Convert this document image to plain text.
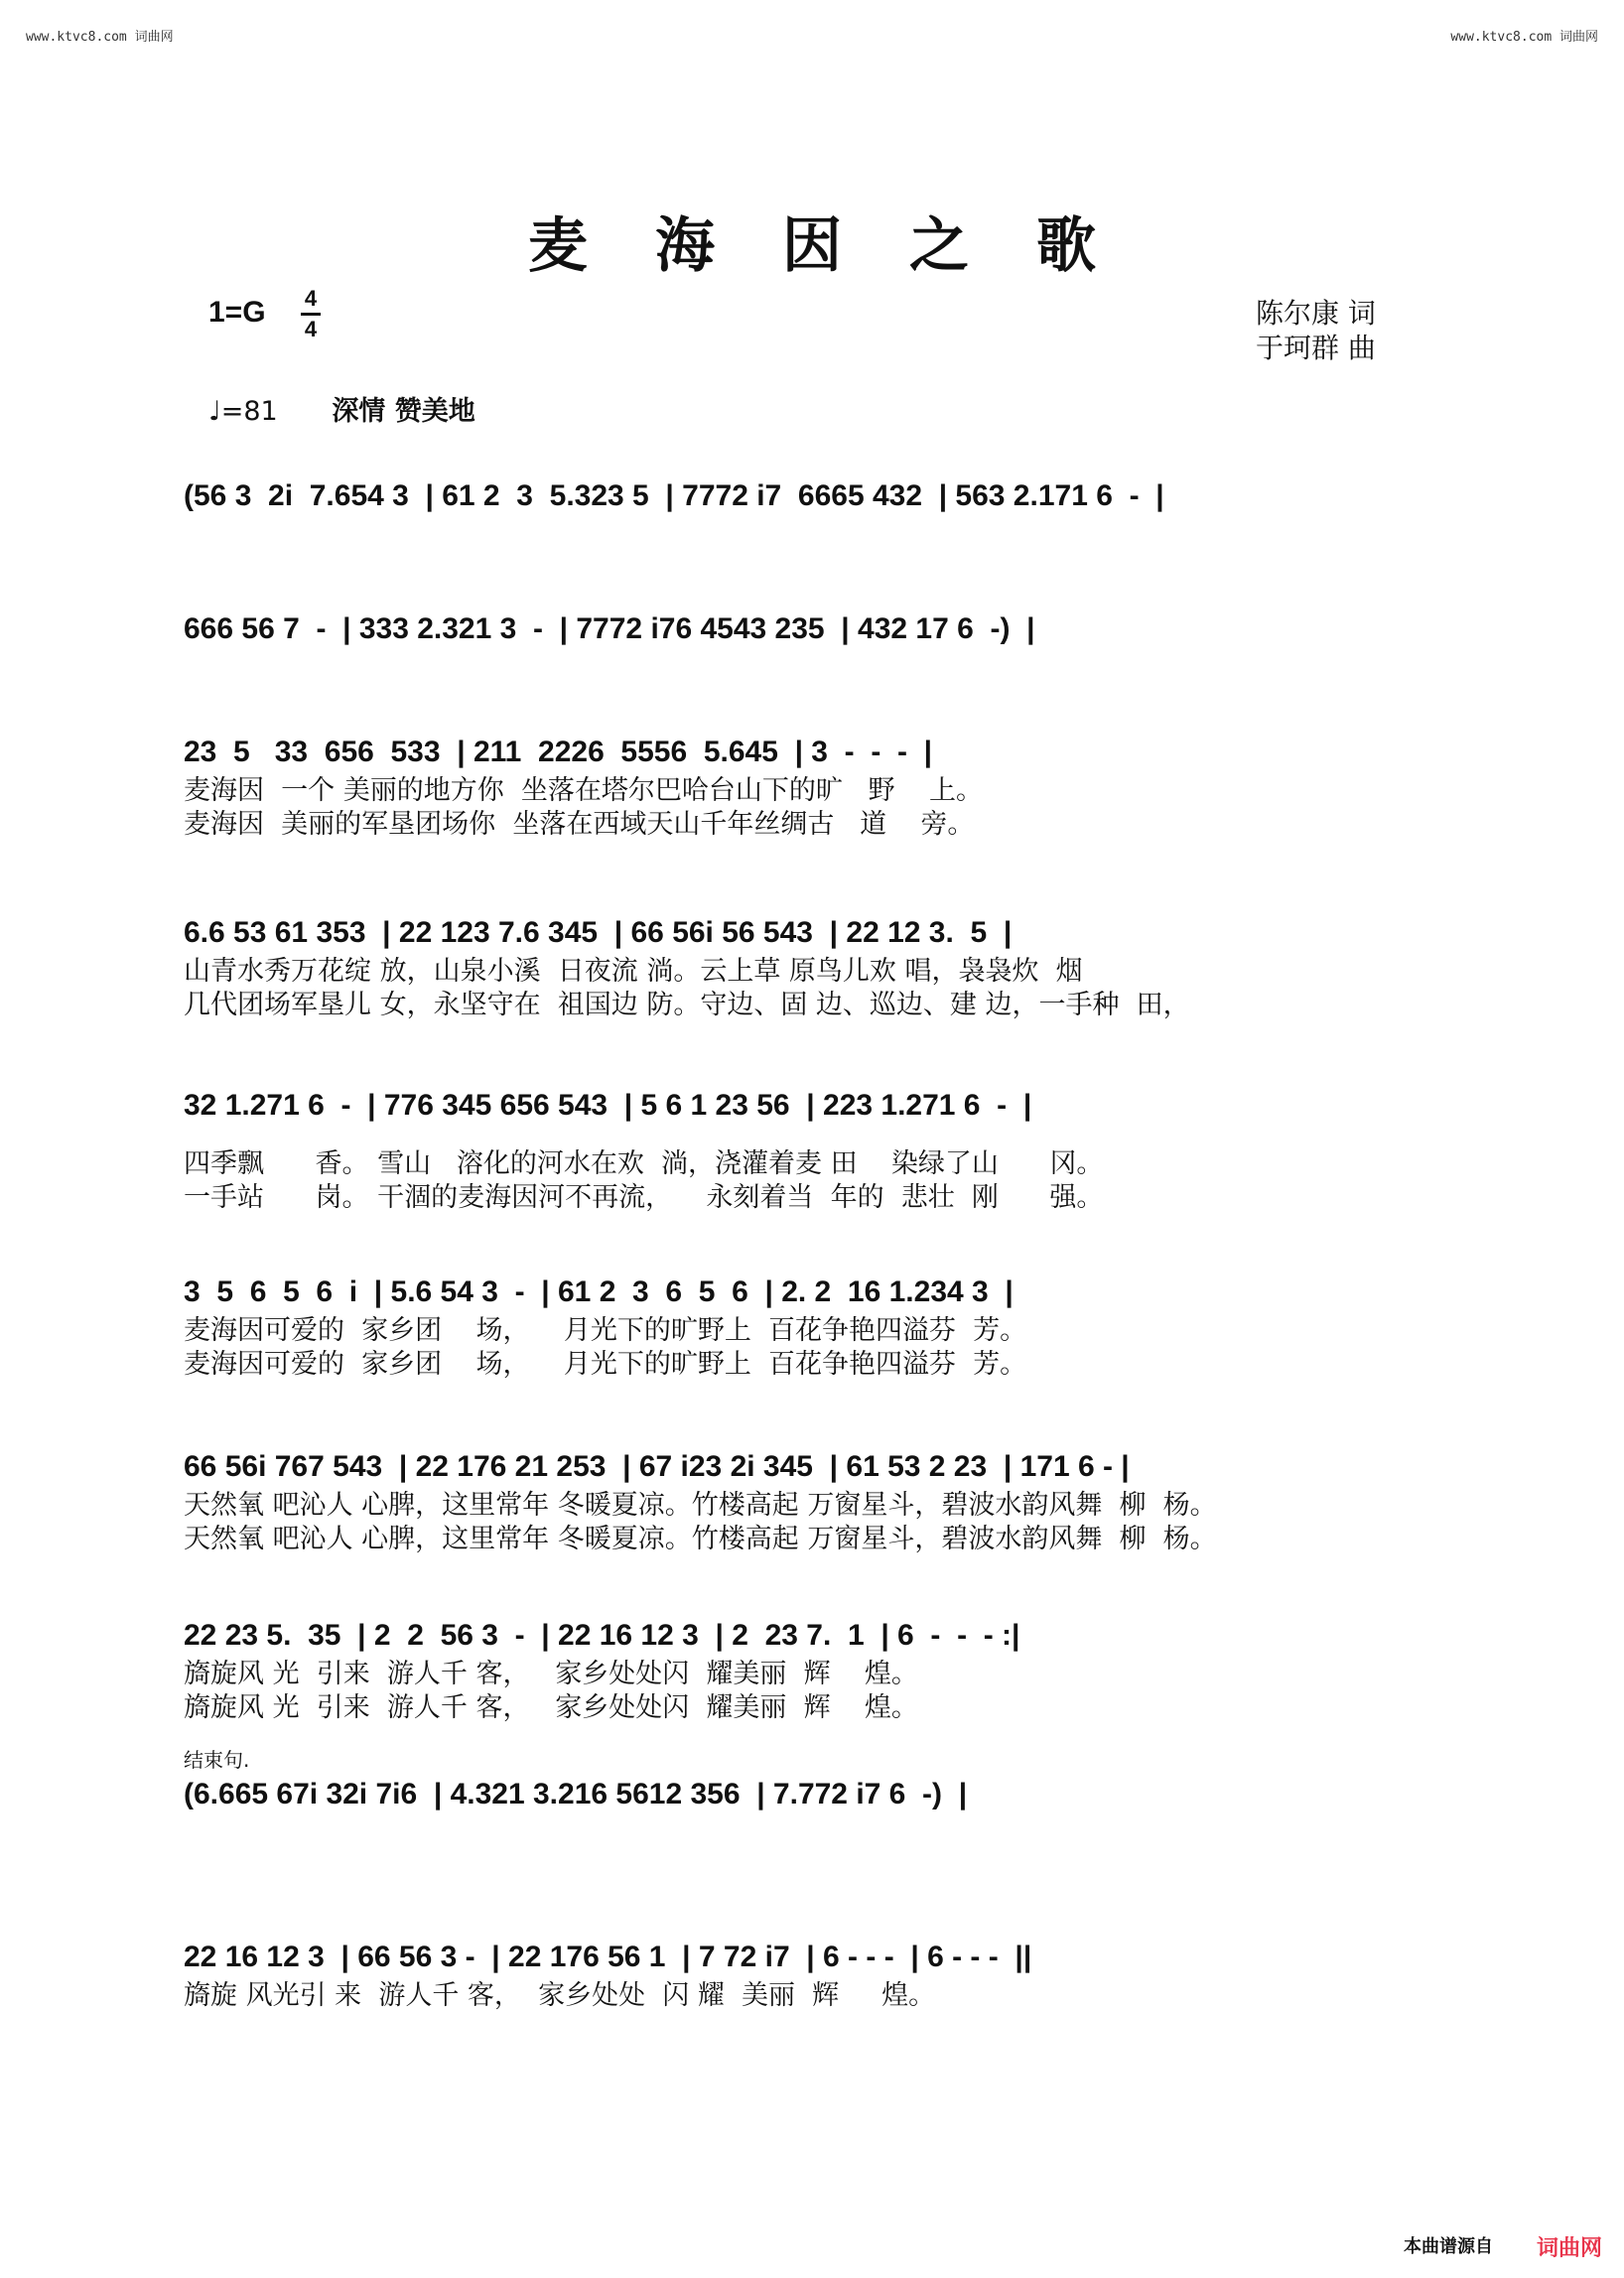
www.ktvc8.com 词曲网	www.ktvc8.com 词曲网
麦海因之歌
1=G 4
4	陈尔康 词
于珂群 曲
♩=81 深情 赞美地
(56 3  2i  7.654 3  | 61 2  3  5.323 5  | 7772 i7  6665 432  | 563 2.171 6  -  |
666 56 7  -  | 333 2.321 3  -  | 7772 i76 4543 235  | 432 17 6  -)  |
23  5   33  656  533  | 211  2226  5556  5.645  | 3  -  -  -  |
麦海因  一个 美丽的地方你  坐落在塔尔巴哈台山下的旷   野    上。
麦海因  美丽的军垦团场你  坐落在西域天山千年丝绸古   道    旁。
6.6 53 61 353  | 22 123 7.6 345  | 66 56i 56 543  | 22 12 3.  5  |
山青水秀万花绽 放，山泉小溪  日夜流 淌。云上草 原鸟儿欢 唱，袅袅炊  烟
几代团场军垦儿 女，永坚守在  祖国边 防。守边、固 边、巡边、建 边，一手种  田，
32 1.271 6  -  | 776 345 656 543  | 5 6 1 23 56  | 223 1.271 6  -  |
四季飘      香。 雪山   溶化的河水在欢  淌，浇灌着麦 田    染绿了山      冈。
一手站      岗。 干涸的麦海因河不再流，    永刻着当  年的  悲壮  刚      强。
3  5  6  5  6  i  | 5.6 54 3  -  | 61 2  3  6  5  6  | 2. 2  16 1.234 3  |
麦海因可爱的  家乡团    场，    月光下的旷野上  百花争艳四溢芬  芳。
麦海因可爱的  家乡团    场，    月光下的旷野上  百花争艳四溢芬  芳。
66 56i 767 543  | 22 176 21 253  | 67 i23 2i 345  | 61 53 2 23  | 171 6 - |
天然氧 吧沁人 心脾，这里常年 冬暖夏凉。竹楼高起 万窗星斗，碧波水韵风舞  柳  杨。
天然氧 吧沁人 心脾，这里常年 冬暖夏凉。竹楼高起 万窗星斗，碧波水韵风舞  柳  杨。
22 23 5.  35  | 2  2  56 3  -  | 22 16 12 3  | 2  23 7.  1  | 6  -  -  - :|
旖旋风 光  引来  游人千 客，   家乡处处闪  耀美丽  辉    煌。
旖旋风 光  引来  游人千 客，   家乡处处闪  耀美丽  辉    煌。
结束句.
(6.665 67i 32i 7i6  | 4.321 3.216 5612 356  | 7.772 i7 6  -)  |
22 16 12 3  | 66 56 3 -  | 22 176 56 1  | 7 72 i7  | 6 - - -  | 6 - - -  ||
旖旋 风光引 来  游人千 客，  家乡处处  闪 耀  美丽  辉     煌。
本曲谱源自 词曲网
